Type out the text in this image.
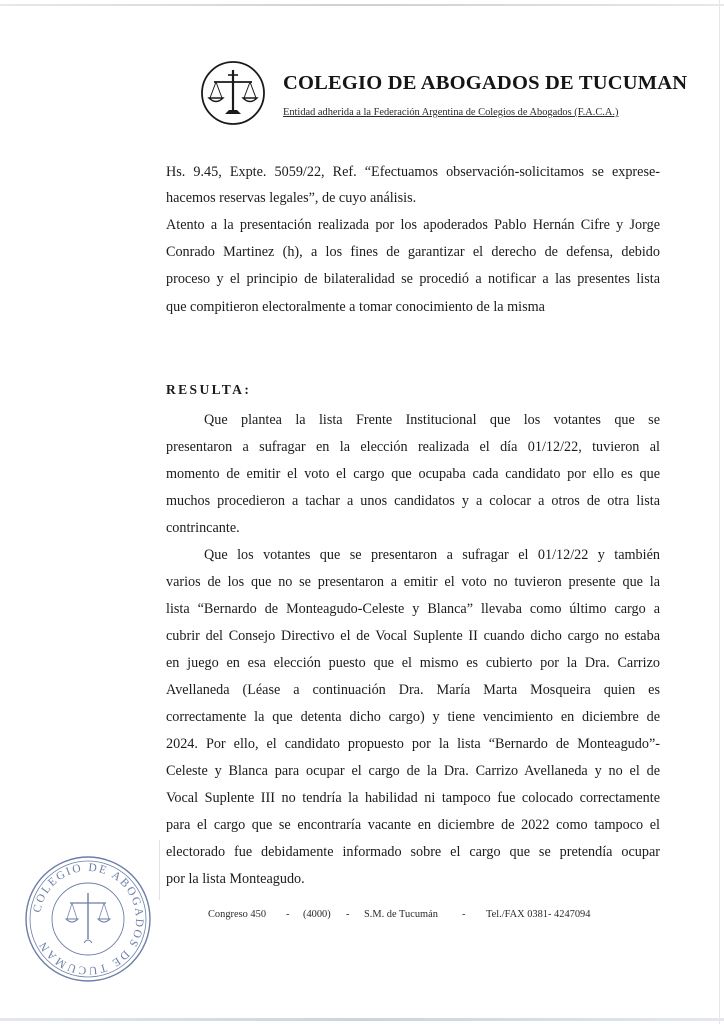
COLEGIO DE ABOGADOS DE TUCUMAN
Entidad adherida a la Federación Argentina de Colegios de Abogados (F.A.C.A.)
Hs. 9.45, Expte. 5059/22, Ref. “Efectuamos observación-solicitamos se exprese-
hacemos reservas legales”, de cuyo análisis.
Atento a la presentación realizada por los apoderados Pablo Hernán Cifre y Jorge
Conrado Martinez (h), a los fines de garantizar el derecho de defensa, debido
proceso y el principio de bilateralidad se procedió a notificar a las presentes lista
que compitieron electoralmente a tomar conocimiento de la misma
RESULTA:
Que plantea la lista Frente Institucional que los votantes que se
presentaron a sufragar en la elección realizada el día 01/12/22, tuvieron al
momento de emitir el voto el cargo que ocupaba cada candidato por ello es que
muchos procedieron a tachar a unos candidatos y a colocar a otros de otra lista
contrincante.
Que los votantes que se presentaron a sufragar el 01/12/22 y también
varios de los que no se presentaron a emitir el voto no tuvieron presente que la
lista “Bernardo de Monteagudo-Celeste y Blanca” llevaba como último cargo a
cubrir del Consejo Directivo el de Vocal Suplente II cuando dicho cargo no estaba
en juego en esa elección puesto que el mismo es cubierto por la Dra. Carrizo
Avellaneda (Léase a continuación Dra. María Marta Mosqueira quien es
correctamente la que detenta dicho cargo) y tiene vencimiento en diciembre de
2024. Por ello, el candidato propuesto por la lista “Bernardo de Monteagudo”-
Celeste y Blanca para ocupar el cargo de la Dra. Carrizo Avellaneda y no el de
Vocal Suplente III no tendría la habilidad ni tampoco fue colocado correctamente
para el cargo que se encontraría vacante en diciembre de 2022 como tampoco el
electorado fue debidamente informado sobre el cargo que se pretendía ocupar
por la lista Monteagudo.
Congreso 450 - (4000) - S.M. de Tucumán - Tel./FAX 0381- 4247094
COLEGIO DE ABOGADOS DE TUCUMAN
